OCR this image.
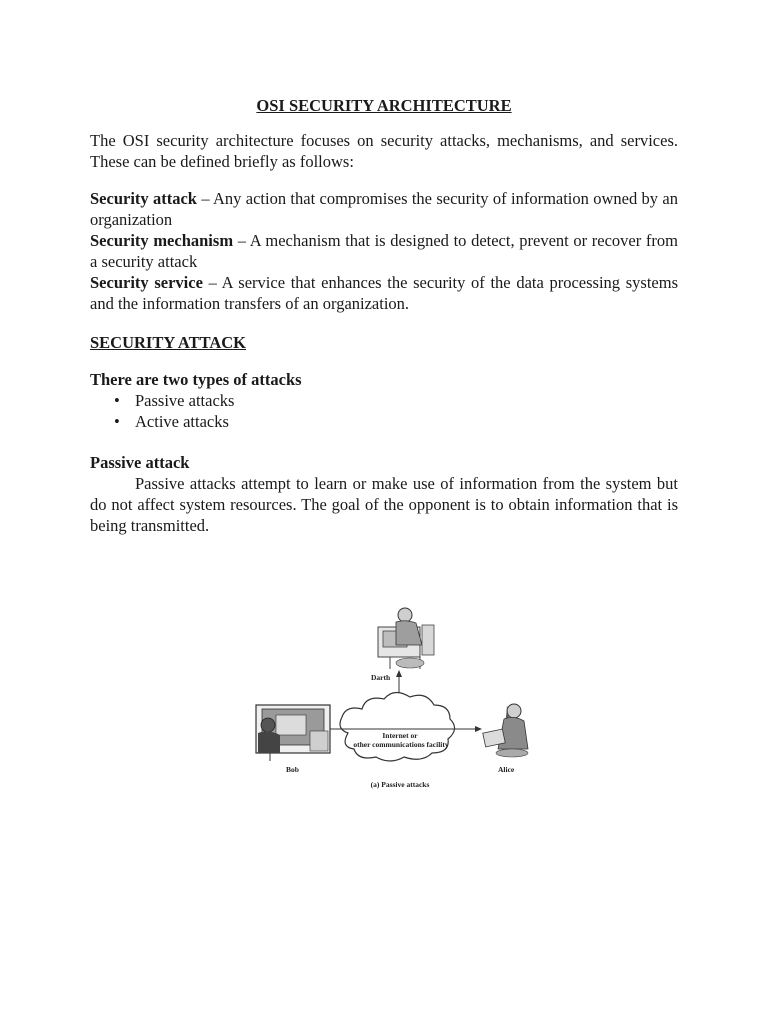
OSI SECURITY ARCHITECTURE

The OSI security architecture focuses on security attacks, mechanisms, and services. These can be defined briefly as follows:

Security attack – Any action that compromises the security of information owned by an organization

Security mechanism – A mechanism that is designed to detect, prevent or recover from a security attack

Security service – A service that enhances the security of the data processing systems and the information transfers of an organization.

SECURITY ATTACK
There are two types of attacks
• Passive attacks
• Active attacks
Passive attack

Passive attacks attempt to learn or make use of information from the system but do not affect system resources. The goal of the opponent is to obtain information that is being transmitted.

Darth
Internet or
other communications facility
Bob	Alice
(a) Passive attacks
